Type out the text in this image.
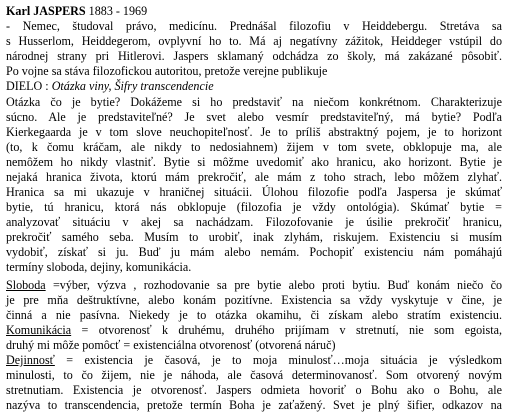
Karl JASPERS 1883 - 1969
- Nemec, študoval právo, medicínu. Prednášal filozofiu v Heiddebergu. Stretáva sa
s Husserlom, Heiddegerom, ovplyvní ho to. Má aj negatívny zážitok, Heiddeger vstúpil do
národnej strany pri Hitlerovi. Jaspers sklamaný odchádza zo školy, má zakázané pôsobiť.
Po vojne sa stáva filozofickou autoritou, pretože verejne publikuje
DIELO : Otázka viny, Šifry transcendencie
Otázka čo je bytie? Dokážeme si ho predstaviť na niečom konkrétnom. Charakterizuje
súcno. Ale je predstaviteľné? Je svet alebo vesmír predstaviteľný, má bytie? Podľa
Kierkegaarda je v tom slove neuchopiteľnosť. Je to príliš abstraktný pojem, je to horizont
(to, k čomu kráčam, ale nikdy to nedosiahnem) žijem v tom svete, obklopuje ma, ale
nemôžem ho nikdy vlastniť. Bytie si môžme uvedomiť ako hranicu, ako horizont. Bytie je
nejaká hranica života, ktorú mám prekročiť, ale mám z toho strach, lebo môžem zlyhať.
Hranica sa mi ukazuje v hraničnej situácii. Úlohou filozofie podľa Jaspersa je skúmať
bytie, tú hranicu, ktorá nás obklopuje (filozofia je vždy ontológia). Skúmať bytie =
analyzovať situáciu v akej sa nachádzam. Filozofovanie je úsilie prekročiť hranicu,
prekročiť samého seba. Musím to urobiť, inak zlyhám, riskujem. Existenciu si musím
vydobiť, získať si ju. Buď ju mám alebo nemám. Pochopiť existenciu nám pomáhajú
termíny sloboda, dejiny, komunikácia.
Sloboda =výber, výzva , rozhodovanie sa pre bytie alebo proti bytiu. Buď konám niečo čo
je pre mňa deštruktívne, alebo konám pozitívne. Existencia sa vždy vyskytuje v čine, je
činná a nie pasívna. Niekedy je to otázka okamihu, či získam alebo stratím existenciu.
Komunikácia = otvorenosť k druhému, druhého prijímam v stretnutí, nie som egoista,
druhý mi môže pomôcť = existenciálna otvorenosť (otvorená náruč)
Dejinnosť = existencia je časová, je to moja minulosť…moja situácia je výsledkom
minulosti, to čo žijem, nie je náhoda, ale časová determinovanosť. Som otvorený novým
stretnutiam. Existencia je otvorenosť. Jaspers odmieta hovoriť o Bohu ako o Bohu, ale
nazýva to transcendencia, pretože termín Boha je zaťažený. Svet je plný šifier, odkazov na
